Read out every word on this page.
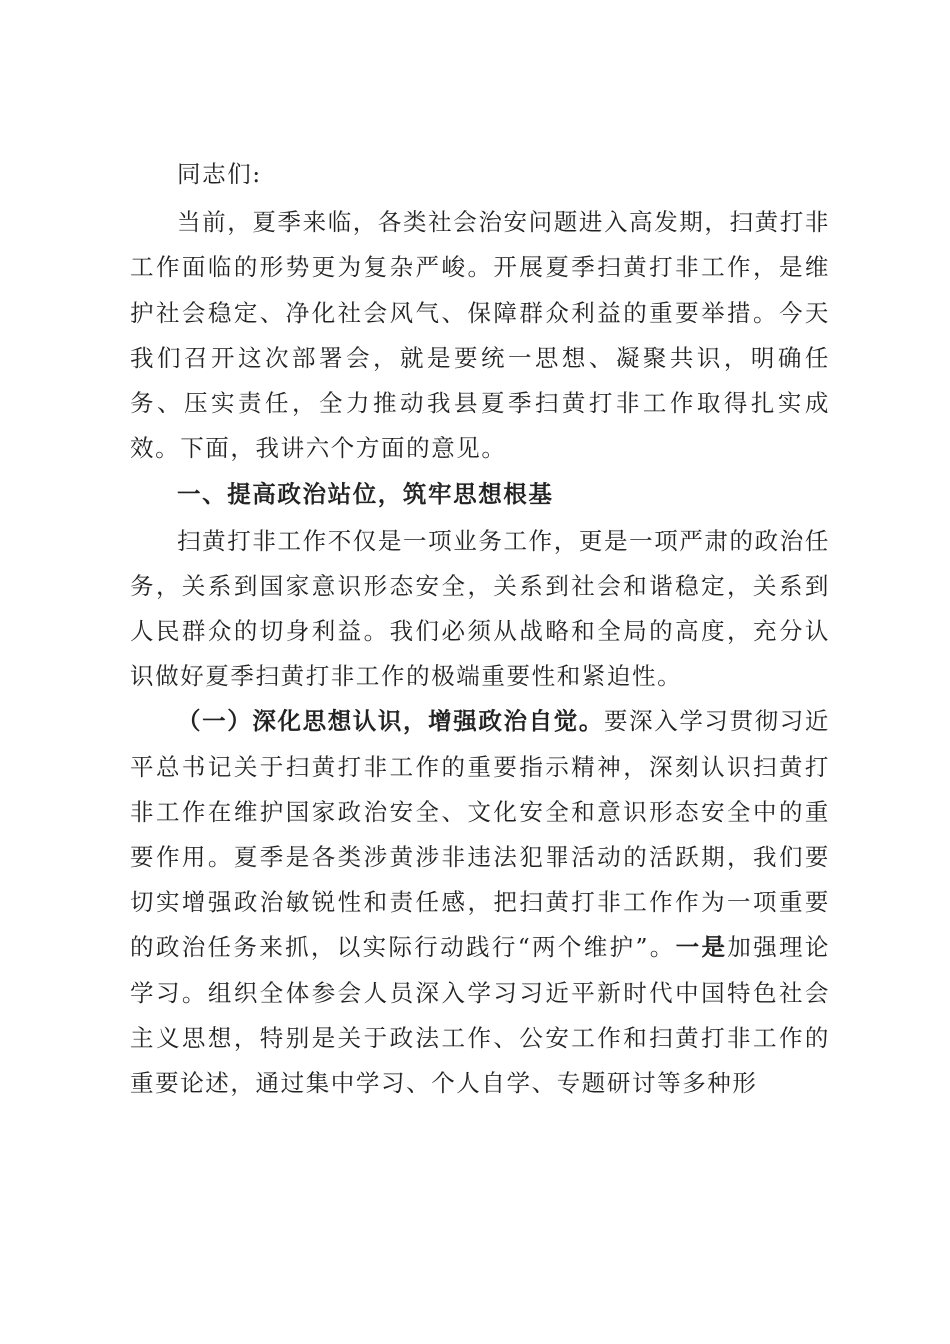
同志们:

当前，夏季来临，各类社会治安问题进入高发期，扫黄打非工作面临的形势更为复杂严峻。开展夏季扫黄打非工作，是维护社会稳定、净化社会风气、保障群众利益的重要举措。今天我们召开这次部署会，就是要统一思想、凝聚共识，明确任务、压实责任，全力推动我县夏季扫黄打非工作取得扎实成效。下面，我讲六个方面的意见。

一、提高政治站位，筑牢思想根基

扫黄打非工作不仅是一项业务工作，更是一项严肃的政治任务，关系到国家意识形态安全，关系到社会和谐稳定，关系到人民群众的切身利益。我们必须从战略和全局的高度，充分认识做好夏季扫黄打非工作的极端重要性和紧迫性。

（一）深化思想认识，增强政治自觉。要深入学习贯彻习近平总书记关于扫黄打非工作的重要指示精神，深刻认识扫黄打非工作在维护国家政治安全、文化安全和意识形态安全中的重要作用。夏季是各类涉黄涉非违法犯罪活动的活跃期，我们要切实增强政治敏锐性和责任感，把扫黄打非工作作为一项重要的政治任务来抓，以实际行动践行“两个维护”。一是加强理论学习。组织全体参会人员深入学习习近平新时代中国特色社会主义思想，特别是关于政法工作、公安工作和扫黄打非工作的重要论述，通过集中学习、个人自学、专题研讨等多种形
